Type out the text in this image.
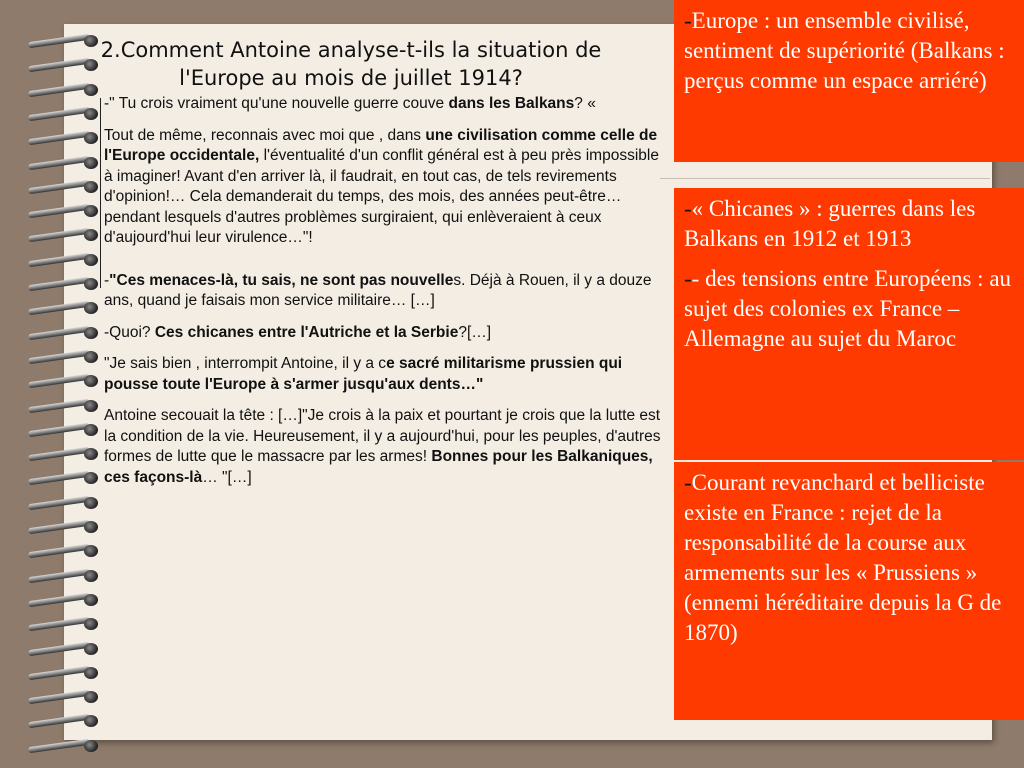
2.Comment Antoine analyse-t-ils la situation de
l'Europe au mois de juillet 1914?

-" Tu crois vraiment qu'une nouvelle guerre couve dans les Balkans? «

Tout de même, reconnais avec moi que , dans une civilisation comme celle de l'Europe occidentale, l'éventualité d'un conflit général est à peu près impossible à imaginer! Avant d'en arriver là, il faudrait, en tout cas, de tels revirements d'opinion!… Cela demanderait du temps, des mois, des années peut-être… pendant lesquels d'autres problèmes surgiraient, qui enlèveraient à ceux d'aujourd'hui leur virulence…"!

-"Ces menaces-là, tu sais, ne sont pas nouvelles. Déjà à Rouen, il y a douze ans, quand je faisais mon service militaire… […]

-Quoi? Ces chicanes entre l'Autriche et la Serbie?[…]

"Je sais bien , interrompit Antoine, il y a ce sacré militarisme prussien qui pousse toute l'Europe à s'armer jusqu'aux dents…"

Antoine secouait la tête : […]"Je crois à la paix et pourtant je crois que la lutte est la condition de la vie. Heureusement, il y a aujourd'hui, pour les peuples, d'autres formes de lutte que le massacre par les armes! Bonnes pour les Balkaniques, ces façons-là… "[…]

-Europe : un ensemble civilisé, sentiment de supériorité (Balkans : perçus comme un espace arriéré)

-« Chicanes » : guerres dans les Balkans en 1912 et 1913

-- des tensions entre Européens : au sujet des colonies ex France – Allemagne au sujet du Maroc

-Courant revanchard et belliciste existe en France : rejet de la responsabilité de la course aux armements sur les « Prussiens » (ennemi héréditaire depuis la G de 1870)
